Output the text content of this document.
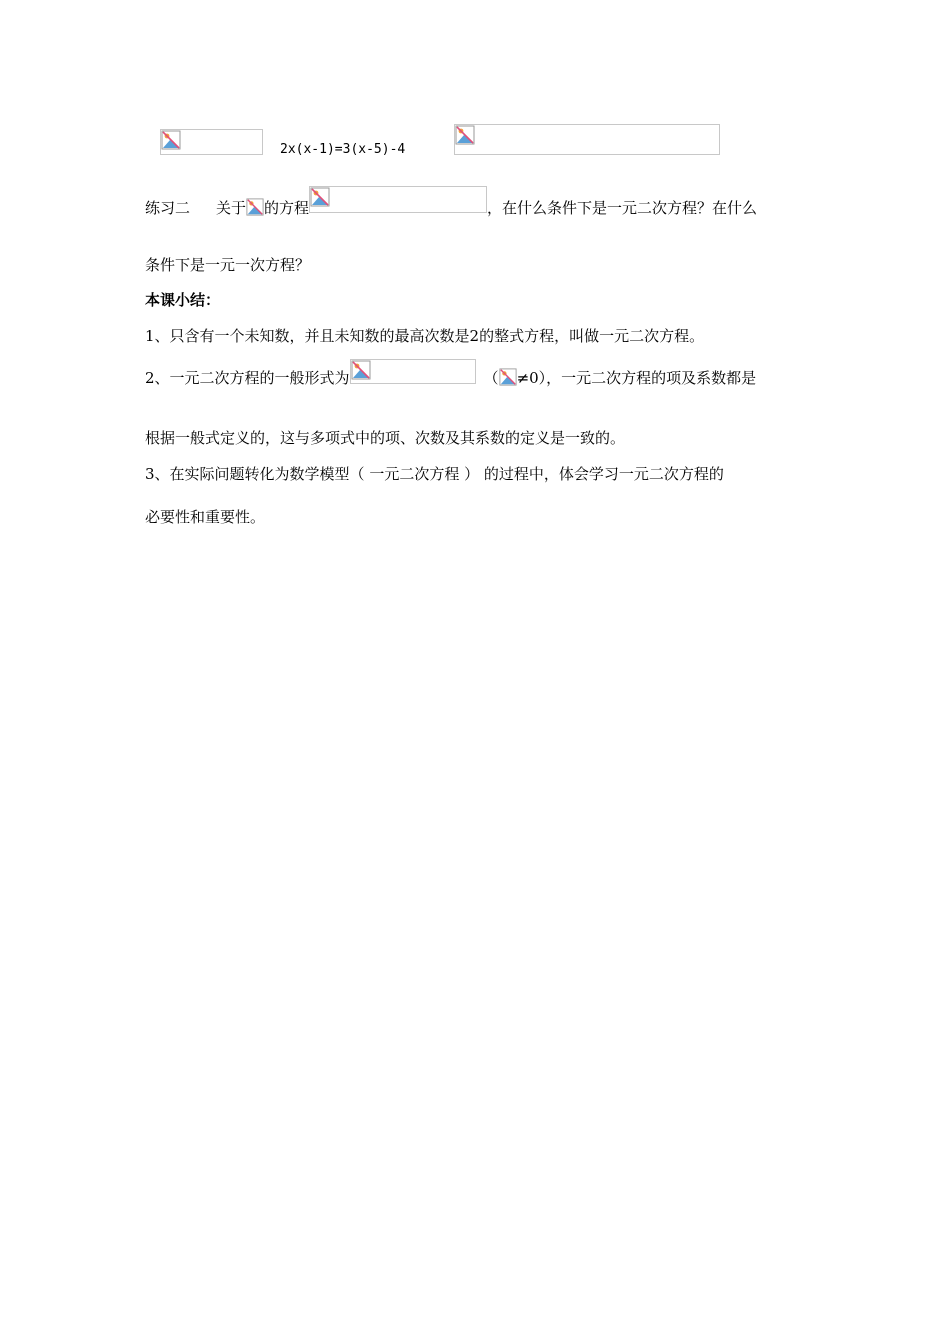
2x(x-1)=3(x-5)-4
练习二 关于 的方程	，在什么条件下是一元二次方程？在什么
条件下是一元一次方程？
本课小结：
1、只含有一个未知数，并且未知数的最高次数是2的整式方程，叫做一元二次方程。
2、一元二次方程的一般形式为	（ ≠0），一元二次方程的项及系数都是
根据一般式定义的，这与多项式中的项、次数及其系数的定义是一致的。
3、在实际问题转化为数学模型（ 一元二次方程 ） 的过程中，体会学习一元二次方程的
必要性和重要性。
